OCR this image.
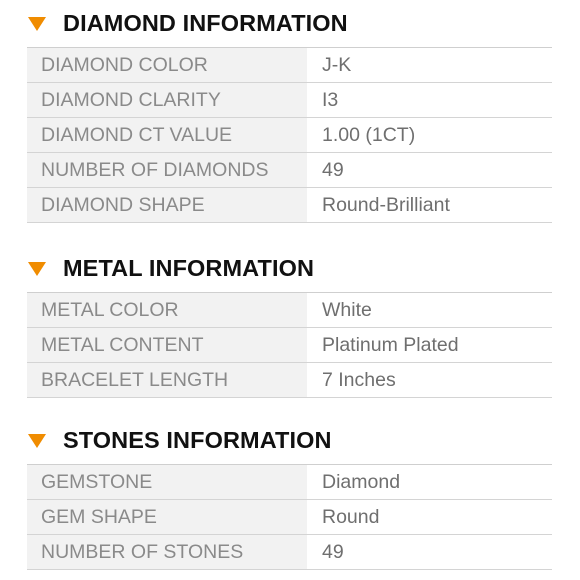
DIAMOND INFORMATION
DIAMOND COLOR	J-K
DIAMOND CLARITY	I3
DIAMOND CT VALUE	1.00 (1CT)
NUMBER OF DIAMONDS	49
DIAMOND SHAPE	Round-Brilliant
METAL INFORMATION
METAL COLOR	White
METAL CONTENT	Platinum Plated
BRACELET LENGTH	7 Inches
STONES INFORMATION
GEMSTONE	Diamond
GEM SHAPE	Round
NUMBER OF STONES	49
